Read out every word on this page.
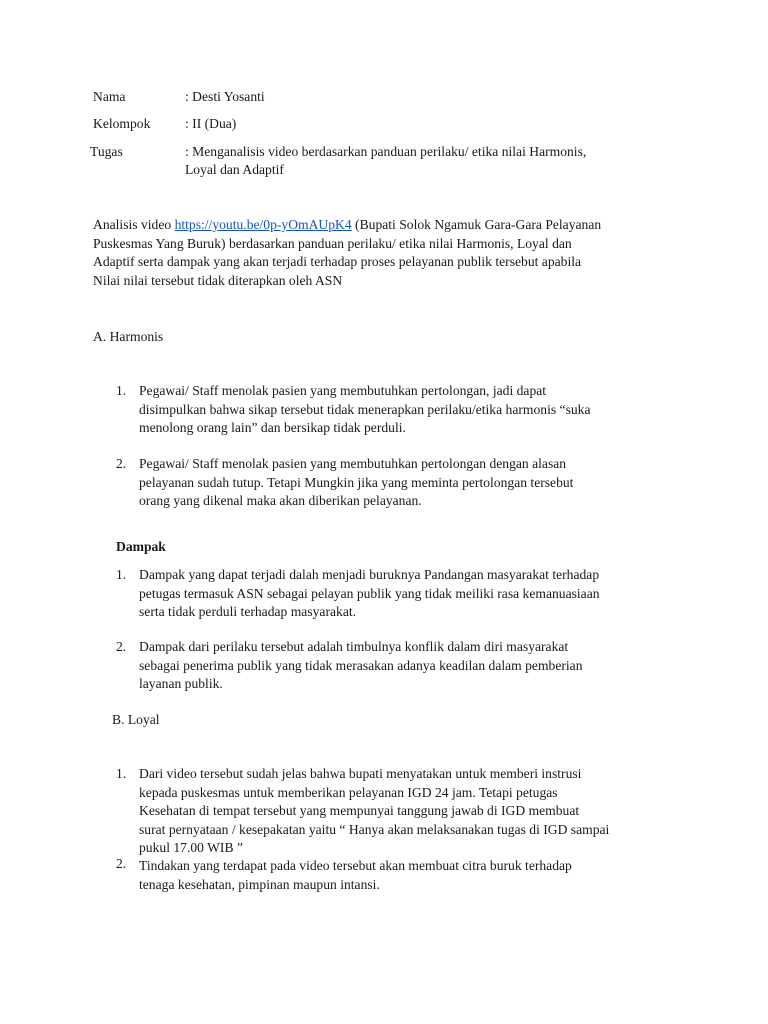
Nama	: Desti Yosanti
Kelompok	: II (Dua)
Tugas	: Menganalisis video berdasarkan panduan perilaku/ etika nilai Harmonis,
Loyal dan Adaptif
Analisis video https://youtu.be/0p-yOmAUpK4 (Bupati Solok Ngamuk Gara-Gara Pelayanan
Puskesmas Yang Buruk) berdasarkan panduan perilaku/ etika nilai Harmonis, Loyal dan
Adaptif serta dampak yang akan terjadi terhadap proses pelayanan publik tersebut apabila
Nilai nilai tersebut tidak diterapkan oleh ASN
A. Harmonis
1. Pegawai/ Staff menolak pasien yang membutuhkan pertolongan, jadi dapat
disimpulkan bahwa sikap tersebut tidak menerapkan perilaku/etika harmonis “suka
menolong orang lain” dan bersikap tidak perduli.
2. Pegawai/ Staff menolak pasien yang membutuhkan pertolongan dengan alasan
pelayanan sudah tutup. Tetapi Mungkin jika yang meminta pertolongan tersebut
orang yang dikenal maka akan diberikan pelayanan.
Dampak
1. Dampak yang dapat terjadi dalah menjadi buruknya Pandangan masyarakat terhadap
petugas termasuk ASN sebagai pelayan publik yang tidak meiliki rasa kemanuasiaan
serta tidak perduli terhadap masyarakat.
2. Dampak dari perilaku tersebut adalah timbulnya konflik dalam diri masyarakat
sebagai penerima publik yang tidak merasakan adanya keadilan dalam pemberian
layanan publik.
B. Loyal
1. Dari video tersebut sudah jelas bahwa bupati menyatakan untuk memberi instrusi
kepada puskesmas untuk memberikan pelayanan IGD 24 jam. Tetapi petugas
Kesehatan di tempat tersebut yang mempunyai tanggung jawab di IGD membuat
surat pernyataan / kesepakatan yaitu “ Hanya akan melaksanakan tugas di IGD sampai
pukul 17.00 WIB ”
2. Tindakan yang terdapat pada video tersebut akan membuat citra buruk terhadap
tenaga kesehatan, pimpinan maupun intansi.
